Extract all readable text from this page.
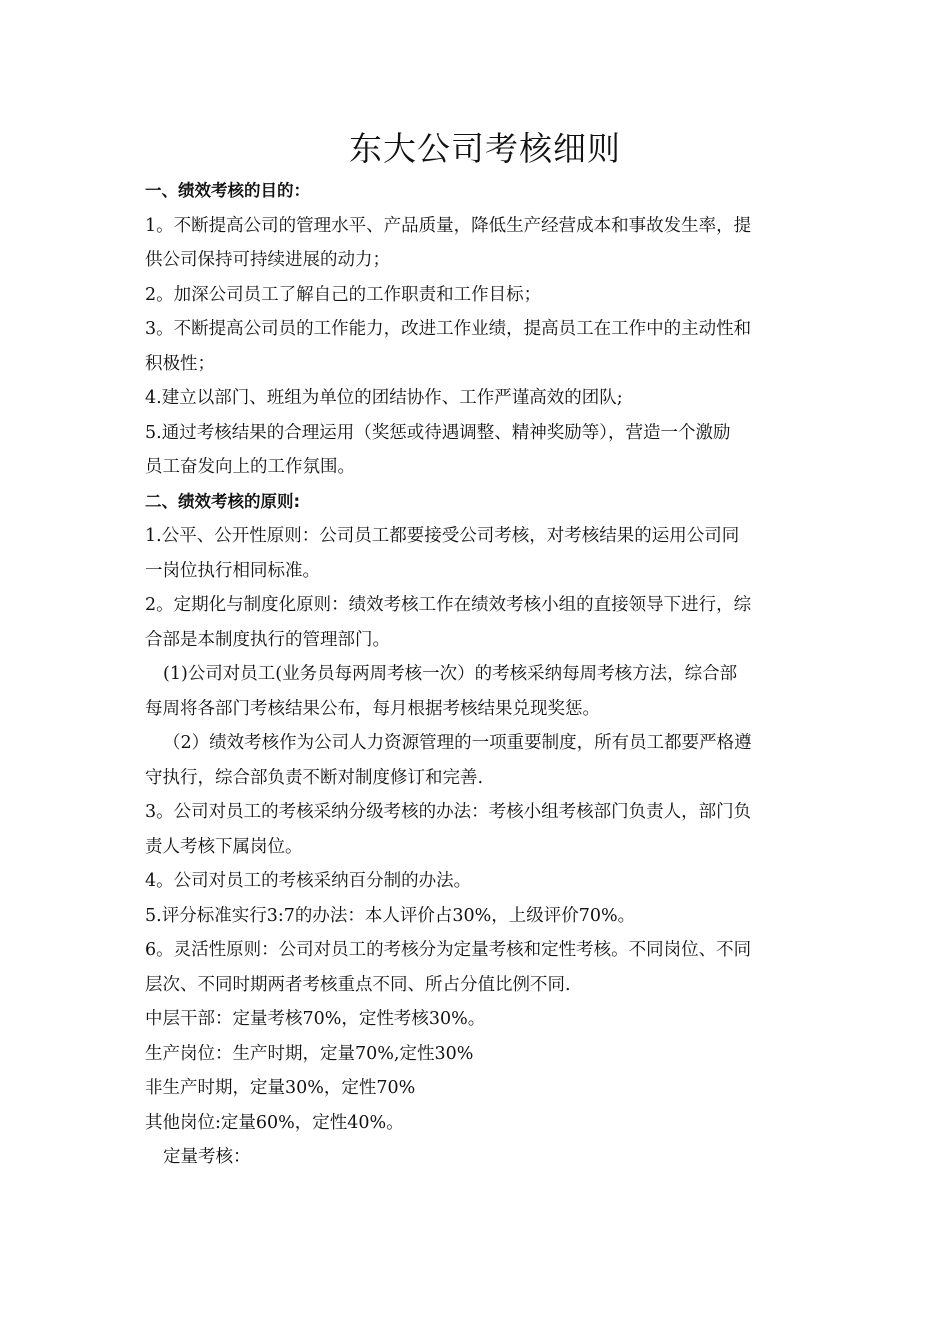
东大公司考核细则

一、绩效考核的目的：

1。不断提高公司的管理水平、产品质量，降低生产经营成本和事故发生率，提

供公司保持可持续进展的动力；

2。加深公司员工了解自己的工作职责和工作目标；

3。不断提高公司员的工作能力，改进工作业绩，提高员工在工作中的主动性和

积极性；

4.建立以部门、班组为单位的团结协作、工作严谨高效的团队;

5.通过考核结果的合理运用（奖惩或待遇调整、精神奖励等），营造一个激励

员工奋发向上的工作氛围。

二、绩效考核的原则:

1.公平、公开性原则：公司员工都要接受公司考核，对考核结果的运用公司同

一岗位执行相同标准。

2。定期化与制度化原则：绩效考核工作在绩效考核小组的直接领导下进行，综

合部是本制度执行的管理部门。

(1)公司对员工(业务员每两周考核一次）的考核采纳每周考核方法，综合部

每周将各部门考核结果公布，每月根据考核结果兑现奖惩。

（2）绩效考核作为公司人力资源管理的一项重要制度，所有员工都要严格遵

守执行，综合部负责不断对制度修订和完善.

3。公司对员工的考核采纳分级考核的办法：考核小组考核部门负责人，部门负

责人考核下属岗位。

4。公司对员工的考核采纳百分制的办法。

5.评分标准实行3:7的办法：本人评价占30%，上级评价70%。

6。灵活性原则：公司对员工的考核分为定量考核和定性考核。不同岗位、不同

层次、不同时期两者考核重点不同、所占分值比例不同.

中层干部：定量考核70%，定性考核30%。

生产岗位：生产时期，定量70%,定性30%

非生产时期，定量30%，定性70%

其他岗位:定量60%，定性40%。

定量考核：
